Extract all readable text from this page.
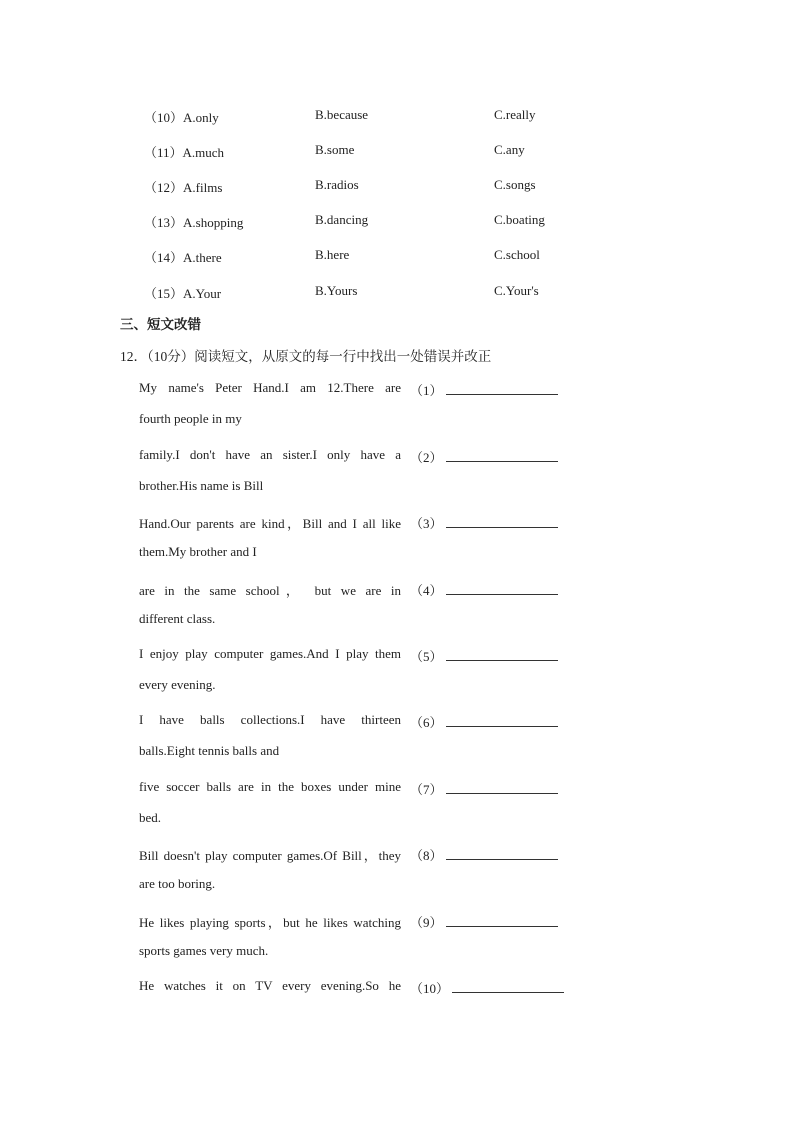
（10）A.only	B.because	C.really
（11）A.much	B.some	C.any
（12）A.films	B.radios	C.songs
（13）A.shopping	B.dancing	C.boating
（14）A.there	B.here	C.school
（15）A.Your	B.Yours	C.Your's
三、短文改错
12．（10分）阅读短文，从原文的每一行中找出一处错误并改正
My name's Peter Hand.I am 12.There are （1）
fourth people in my
family.I don't have an sister.I only have a （2）
brother.His name is Bill
Hand.Our parents are kind，Bill and I all like （3）
them.My brother and I
are in the same school， but we are in （4）
different class.
I enjoy play computer games.And I play them （5）
every evening.
I have balls collections.I have thirteen （6）
balls.Eight tennis balls and
five soccer balls are in the boxes under mine （7）
bed.
Bill doesn't play computer games.Of Bill，they （8）
are too boring.
He likes playing sports，but he likes watching （9）
sports games very much.
He watches it on TV every evening.So he （10）
